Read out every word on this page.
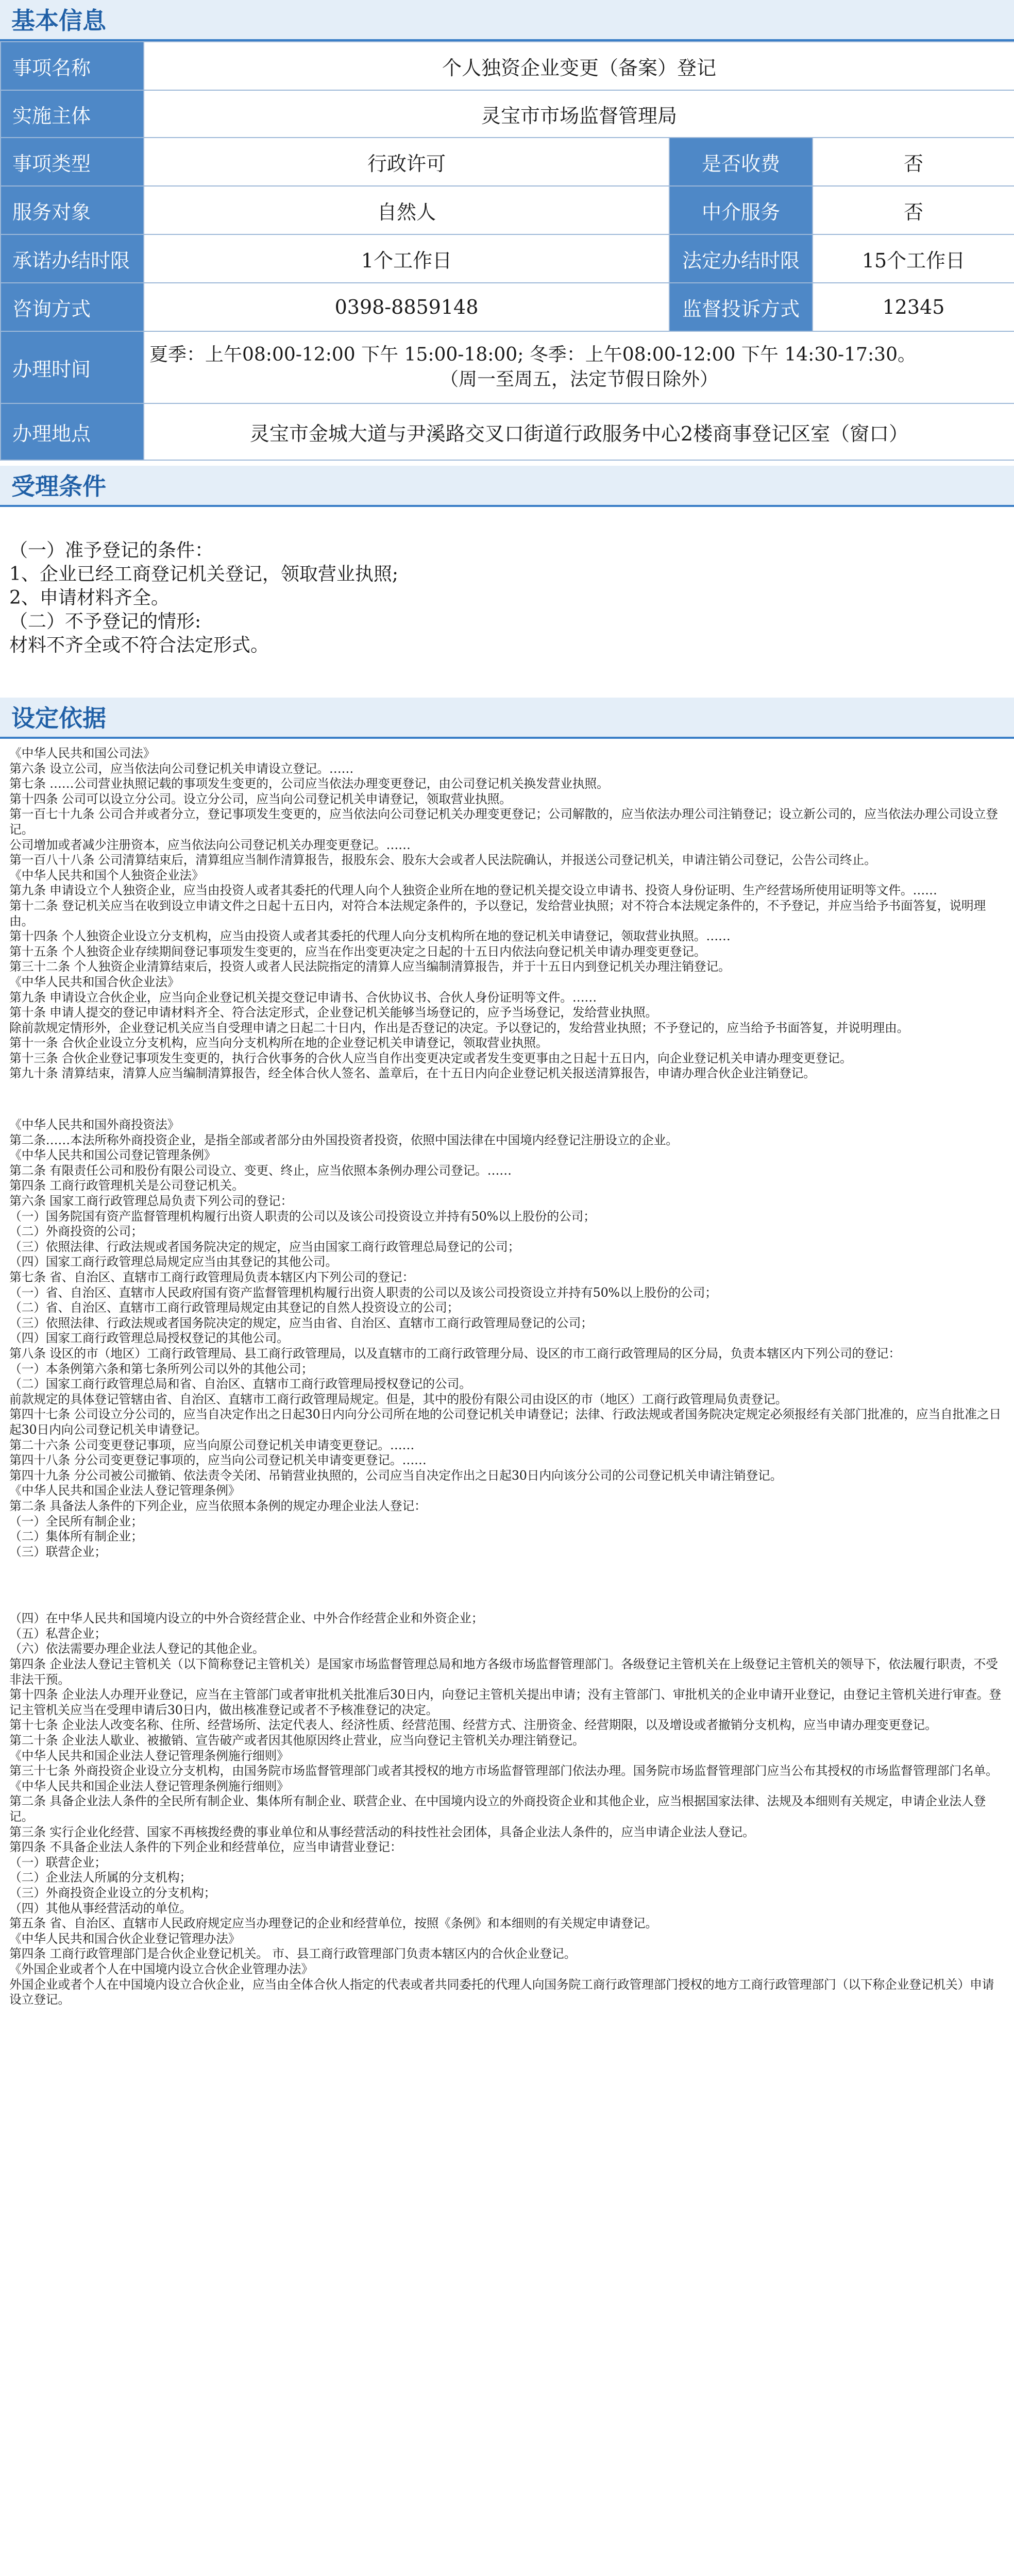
基本信息
事项名称	个人独资企业变更（备案）登记		
实施主体	灵宝市市场监督管理局		
事项类型	行政许可	是否收费	否
服务对象	自然人	中介服务	否
承诺办结时限	1个工作日	法定办结时限	15个工作日
咨询方式	0398-8859148	监督投诉方式	12345
办理时间	夏季：上午08:00-12:00 下午 15:00-18:00; 冬季：上午08:00-12:00 下午 14:30-17:30。
（周一至周五，法定节假日除外）		

办理地点	灵宝市金城大道与尹溪路交叉口街道行政服务中心2楼商事登记区室（窗口）		
受理条件

（一）准予登记的条件：

1、企业已经工商登记机关登记，领取营业执照;

2、申请材料齐全。

（二）不予登记的情形:

材料不齐全或不符合法定形式。

设定依据

《中华人民共和国公司法》

第六条 设立公司，应当依法向公司登记机关申请设立登记。……

第七条 ……公司营业执照记载的事项发生变更的，公司应当依法办理变更登记，由公司登记机关换发营业执照。

第十四条 公司可以设立分公司。设立分公司，应当向公司登记机关申请登记，领取营业执照。

第一百七十九条 公司合并或者分立，登记事项发生变更的，应当依法向公司登记机关办理变更登记；公司解散的，应当依法办理公司注销登记；设立新公司的，应当依法办理公司设立登记。

公司增加或者减少注册资本，应当依法向公司登记机关办理变更登记。……

第一百八十八条 公司清算结束后，清算组应当制作清算报告，报股东会、股东大会或者人民法院确认，并报送公司登记机关，申请注销公司登记，公告公司终止。

《中华人民共和国个人独资企业法》

第九条 申请设立个人独资企业，应当由投资人或者其委托的代理人向个人独资企业所在地的登记机关提交设立申请书、投资人身份证明、生产经营场所使用证明等文件。……

第十二条 登记机关应当在收到设立申请文件之日起十五日内，对符合本法规定条件的，予以登记，发给营业执照；对不符合本法规定条件的，不予登记，并应当给予书面答复，说明理由。

第十四条 个人独资企业设立分支机构，应当由投资人或者其委托的代理人向分支机构所在地的登记机关申请登记，领取营业执照。……

第十五条 个人独资企业存续期间登记事项发生变更的，应当在作出变更决定之日起的十五日内依法向登记机关申请办理变更登记。

第三十二条 个人独资企业清算结束后，投资人或者人民法院指定的清算人应当编制清算报告，并于十五日内到登记机关办理注销登记。

《中华人民共和国合伙企业法》

第九条 申请设立合伙企业，应当向企业登记机关提交登记申请书、合伙协议书、合伙人身份证明等文件。……

第十条 申请人提交的登记申请材料齐全、符合法定形式，企业登记机关能够当场登记的，应予当场登记，发给营业执照。

除前款规定情形外，企业登记机关应当自受理申请之日起二十日内，作出是否登记的决定。予以登记的，发给营业执照；不予登记的，应当给予书面答复，并说明理由。

第十一条 合伙企业设立分支机构，应当向分支机构所在地的企业登记机关申请登记，领取营业执照。

第十三条 合伙企业登记事项发生变更的，执行合伙事务的合伙人应当自作出变更决定或者发生变更事由之日起十五日内，向企业登记机关申请办理变更登记。

第九十条 清算结束，清算人应当编制清算报告，经全体合伙人签名、盖章后，在十五日内向企业登记机关报送清算报告，申请办理合伙企业注销登记。

《中华人民共和国外商投资法》

第二条……本法所称外商投资企业，是指全部或者部分由外国投资者投资，依照中国法律在中国境内经登记注册设立的企业。

《中华人民共和国公司登记管理条例》

第二条 有限责任公司和股份有限公司设立、变更、终止，应当依照本条例办理公司登记。……

第四条 工商行政管理机关是公司登记机关。

第六条 国家工商行政管理总局负责下列公司的登记：

（一）国务院国有资产监督管理机构履行出资人职责的公司以及该公司投资设立并持有50%以上股份的公司；

（二）外商投资的公司；

（三）依照法律、行政法规或者国务院决定的规定，应当由国家工商行政管理总局登记的公司；

（四）国家工商行政管理总局规定应当由其登记的其他公司。

第七条 省、自治区、直辖市工商行政管理局负责本辖区内下列公司的登记：

（一）省、自治区、直辖市人民政府国有资产监督管理机构履行出资人职责的公司以及该公司投资设立并持有50%以上股份的公司；

（二）省、自治区、直辖市工商行政管理局规定由其登记的自然人投资设立的公司；

（三）依照法律、行政法规或者国务院决定的规定，应当由省、自治区、直辖市工商行政管理局登记的公司；

（四）国家工商行政管理总局授权登记的其他公司。

第八条 设区的市（地区）工商行政管理局、县工商行政管理局，以及直辖市的工商行政管理分局、设区的市工商行政管理局的区分局，负责本辖区内下列公司的登记：

（一）本条例第六条和第七条所列公司以外的其他公司；

（二）国家工商行政管理总局和省、自治区、直辖市工商行政管理局授权登记的公司。

前款规定的具体登记管辖由省、自治区、直辖市工商行政管理局规定。但是，其中的股份有限公司由设区的市（地区）工商行政管理局负责登记。

第四十七条 公司设立分公司的，应当自决定作出之日起30日内向分公司所在地的公司登记机关申请登记；法律、行政法规或者国务院决定规定必须报经有关部门批准的，应当自批准之日起30日内向公司登记机关申请登记。

第二十六条 公司变更登记事项，应当向原公司登记机关申请变更登记。……

第四十八条 分公司变更登记事项的，应当向公司登记机关申请变更登记。……

第四十九条 分公司被公司撤销、依法责令关闭、吊销营业执照的，公司应当自决定作出之日起30日内向该分公司的公司登记机关申请注销登记。

《中华人民共和国企业法人登记管理条例》

第二条 具备法人条件的下列企业，应当依照本条例的规定办理企业法人登记：

（一）全民所有制企业；

（二）集体所有制企业；

（三）联营企业；

（四）在中华人民共和国境内设立的中外合资经营企业、中外合作经营企业和外资企业；

（五）私营企业；

（六）依法需要办理企业法人登记的其他企业。

第四条 企业法人登记主管机关（以下简称登记主管机关）是国家市场监督管理总局和地方各级市场监督管理部门。各级登记主管机关在上级登记主管机关的领导下，依法履行职责，不受非法干预。

第十四条 企业法人办理开业登记，应当在主管部门或者审批机关批准后30日内，向登记主管机关提出申请；没有主管部门、审批机关的企业申请开业登记，由登记主管机关进行审查。登记主管机关应当在受理申请后30日内，做出核准登记或者不予核准登记的决定。

第十七条 企业法人改变名称、住所、经营场所、法定代表人、经济性质、经营范围、经营方式、注册资金、经营期限，以及增设或者撤销分支机构，应当申请办理变更登记。

第二十条 企业法人歇业、被撤销、宣告破产或者因其他原因终止营业，应当向登记主管机关办理注销登记。

《中华人民共和国企业法人登记管理条例施行细则》

第三十七条 外商投资企业设立分支机构，由国务院市场监督管理部门或者其授权的地方市场监督管理部门依法办理。国务院市场监督管理部门应当公布其授权的市场监督管理部门名单。

《中华人民共和国企业法人登记管理条例施行细则》

第二条 具备企业法人条件的全民所有制企业、集体所有制企业、联营企业、在中国境内设立的外商投资企业和其他企业，应当根据国家法律、法规及本细则有关规定，申请企业法人登记。

第三条 实行企业化经营、国家不再核拨经费的事业单位和从事经营活动的科技性社会团体，具备企业法人条件的，应当申请企业法人登记。

第四条 不具备企业法人条件的下列企业和经营单位，应当申请营业登记：

（一）联营企业；

（二）企业法人所属的分支机构；

（三）外商投资企业设立的分支机构；

（四）其他从事经营活动的单位。

第五条 省、自治区、直辖市人民政府规定应当办理登记的企业和经营单位，按照《条例》和本细则的有关规定申请登记。

《中华人民共和国合伙企业登记管理办法》

第四条 工商行政管理部门是合伙企业登记机关。 市、县工商行政管理部门负责本辖区内的合伙企业登记。

《外国企业或者个人在中国境内设立合伙企业管理办法》

外国企业或者个人在中国境内设立合伙企业，应当由全体合伙人指定的代表或者共同委托的代理人向国务院工商行政管理部门授权的地方工商行政管理部门（以下称企业登记机关）申请设立登记。
